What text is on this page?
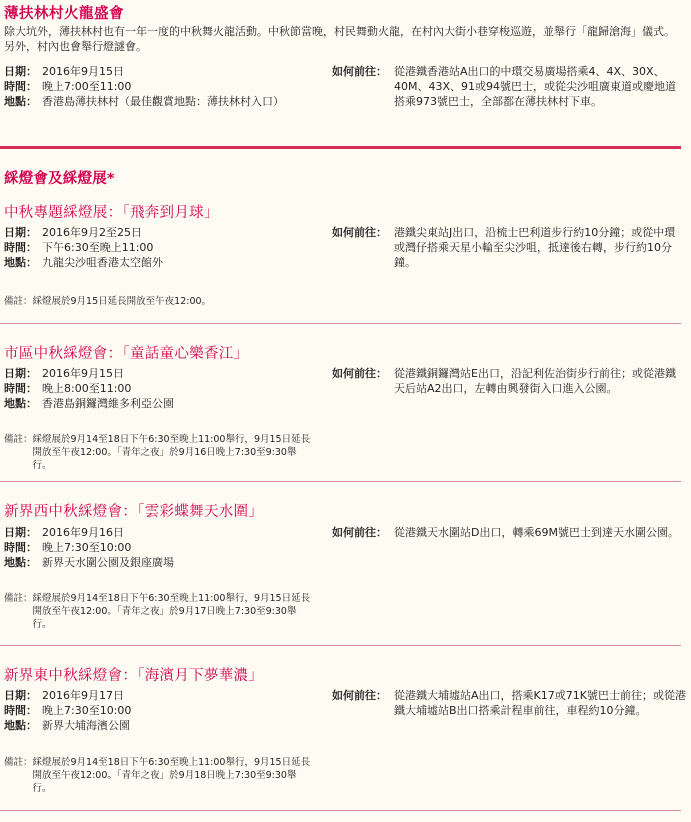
薄扶林村火龍盛會
除大坑外，薄扶林村也有一年一度的中秋舞火龍活動。中秋節當晚，村民舞動火龍，在村內大街小巷穿梭巡遊，並舉行「龍歸滄海」儀式。另外，村內也會舉行燈謎會。
日期： 2016年9月15日
時間： 晚上7:00至11:00
地點： 香港島薄扶林村（最佳觀賞地點：薄扶林村入口）
如何前往： 從港鐵香港站A出口的中環交易廣場搭乘4、4X、30X、40M、43X、91或94號巴士，或從尖沙咀廣東道或慶地道搭乘973號巴士，全部都在薄扶林村下車。
綵燈會及綵燈展*
中秋專題綵燈展：「飛奔到月球」
日期： 2016年9月2至25日
時間： 下午6:30至晚上11:00
地點： 九龍尖沙咀香港太空館外
如何前往： 港鐵尖東站J出口，沿梳士巴利道步行約10分鐘；或從中環或灣仔搭乘天星小輪至尖沙咀，抵達後右轉，步行約10分鐘。
備註： 綵燈展於9月15日延長開放至午夜12:00。
市區中秋綵燈會：「童話童心樂香江」
日期： 2016年9月15日
時間： 晚上8:00至11:00
地點： 香港島銅鑼灣維多利亞公園
如何前往： 從港鐵銅鑼灣站E出口，沿記利佐治街步行前往；或從港鐵天后站A2出口，左轉由興發街入口進入公園。
備註： 綵燈展於9月14至18日下午6:30至晚上11:00舉行，9月15日延長開放至午夜12:00。「青年之夜」於9月16日晚上7:30至9:30舉行。
新界西中秋綵燈會：「雲彩蝶舞天水圍」
日期： 2016年9月16日
時間： 晚上7:30至10:00
地點： 新界天水圍公園及銀座廣場
如何前往： 從港鐵天水圍站D出口，轉乘69M號巴士到達天水圍公園。
備註： 綵燈展於9月14至18日下午6:30至晚上11:00舉行，9月15日延長開放至午夜12:00。「青年之夜」於9月17日晚上7:30至9:30舉行。
新界東中秋綵燈會：「海濱月下夢華濃」
日期： 2016年9月17日
時間： 晚上7:30至10:00
地點： 新界大埔海濱公園
如何前往： 從港鐵大埔墟站A出口，搭乘K17或71K號巴士前往；或從港鐵大埔墟站B出口搭乘計程車前往，車程約10分鐘。
備註： 綵燈展於9月14至18日下午6:30至晚上11:00舉行，9月15日延長開放至午夜12:00。「青年之夜」於9月18日晚上7:30至9:30舉行。
